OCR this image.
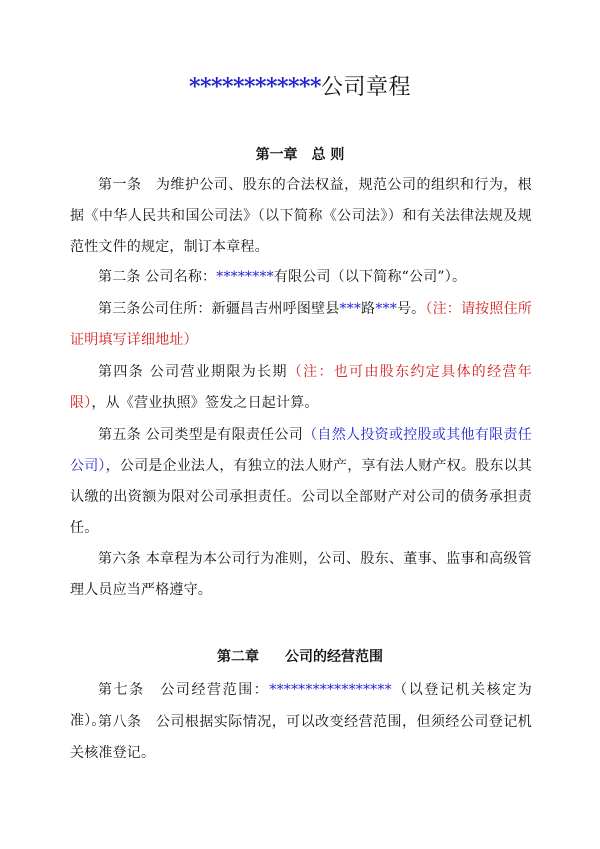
************公司章程
第一章 总 则
第一条　为维护公司、股东的合法权益，规范公司的组织和行为，根据《中华人民共和国公司法》（以下简称《公司法》）和有关法律法规及规范性文件的规定，制订本章程。
第二条 公司名称：********有限公司（以下简称“公司”）。
第三条公司住所：新疆昌吉州呼图壁县***路***号。（注：请按照住所证明填写详细地址）
第四条 公司营业期限为长期（注：也可由股东约定具体的经营年限），从《营业执照》签发之日起计算。
第五条 公司类型是有限责任公司（自然人投资或控股或其他有限责任公司），公司是企业法人，有独立的法人财产，享有法人财产权。股东以其认缴的出资额为限对公司承担责任。公司以全部财产对公司的债务承担责任。
第六条 本章程为本公司行为准则，公司、股东、董事、监事和高级管理人员应当严格遵守。
第二章 公司的经营范围
第七条　公司经营范围：*****************（以登记机关核定为准）。
第八条　公司根据实际情况，可以改变经营范围，但须经公司登记机关核准登记。
